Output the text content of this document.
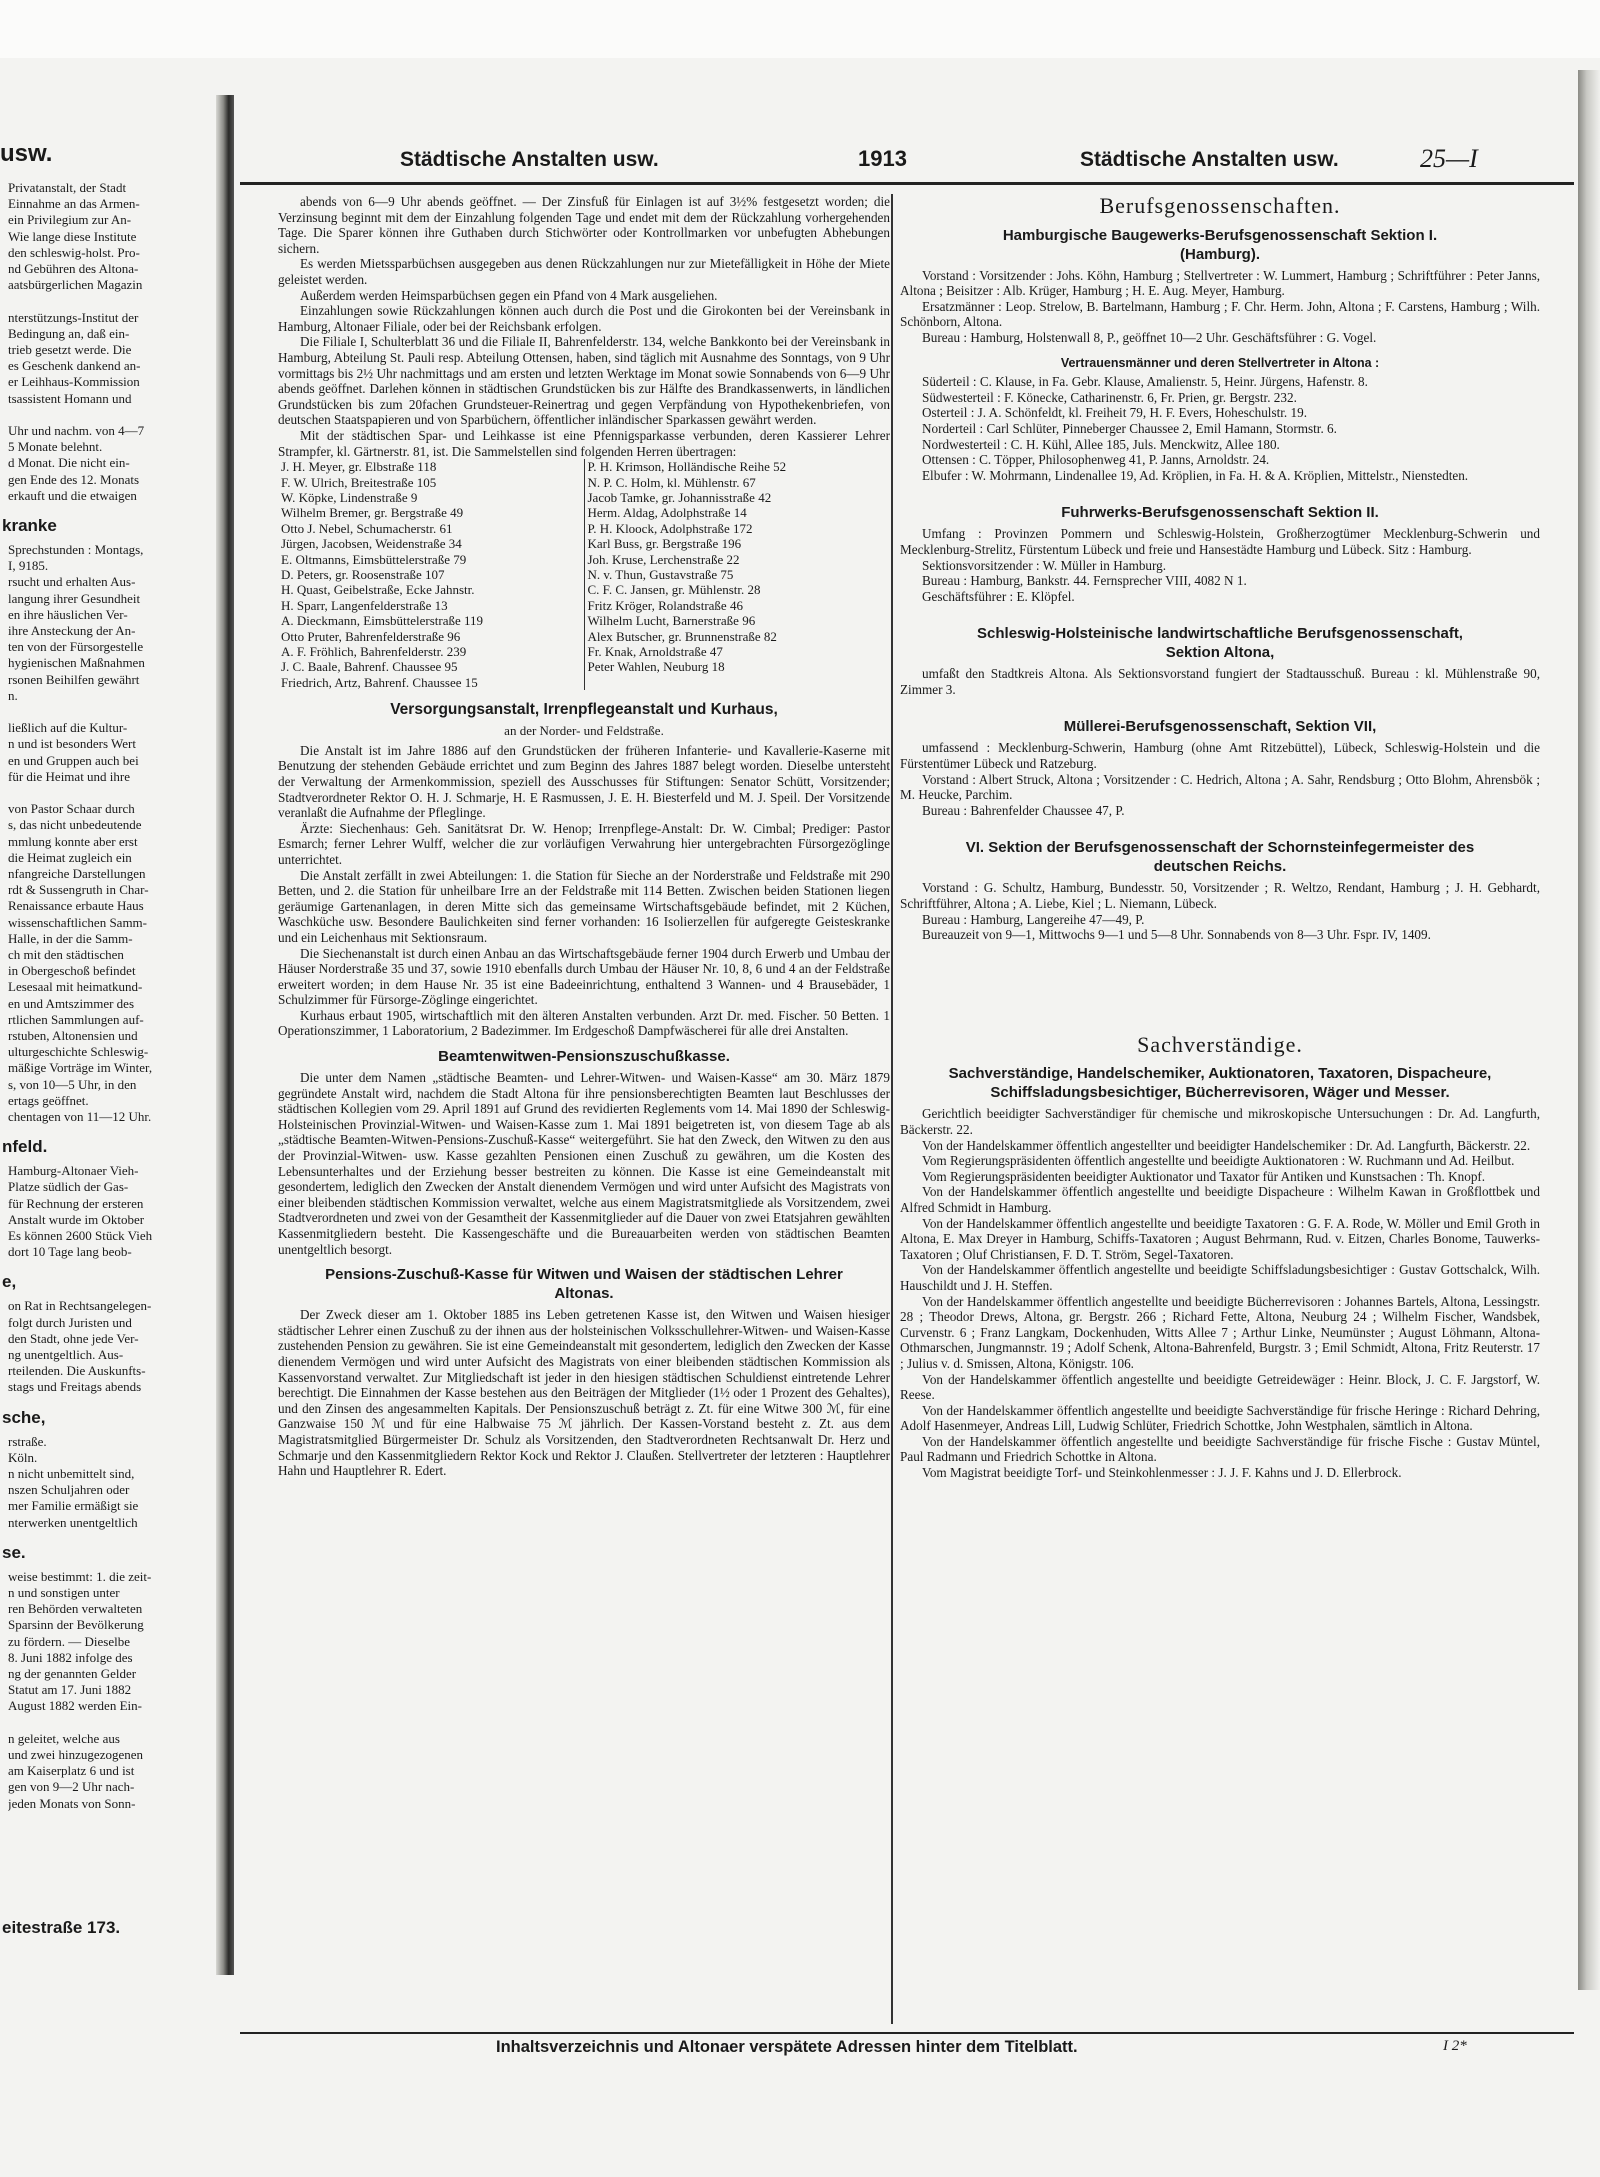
usw.
Privatanstalt, der Stadt
Einnahme an das Armen-
ein Privilegium zur An-
Wie lange diese Institute
den schleswig-holst. Pro-
nd Gebühren des Altona-
aatsbürgerlichen Magazin
nterstützungs-Institut der
Bedingung an, daß ein-
trieb gesetzt werde. Die
es Geschenk dankend an-
er Leihhaus-Kommission
tsassistent Homann und
Uhr und nachm. von 4—7
5 Monate belehnt.
d Monat. Die nicht ein-
gen Ende des 12. Monats
erkauft und die etwaigen
kranke
Sprechstunden : Montags,
I, 9185.
rsucht und erhalten Aus-
langung ihrer Gesundheit
en ihre häuslichen Ver-
ihre Ansteckung der An-
ten von der Fürsorgestelle
hygienischen Maßnahmen
rsonen Beihilfen gewährt
n.
ließlich auf die Kultur-
n und ist besonders Wert
en und Gruppen auch bei
für die Heimat und ihre
von Pastor Schaar durch
s, das nicht unbedeutende
mmlung konnte aber erst
die Heimat zugleich ein
nfangreiche Darstellungen
rdt & Sussengruth in Char-
Renaissance erbaute Haus
wissenschaftlichen Samm-
Halle, in der die Samm-
ch mit den städtischen
in Obergeschoß befindet
Lesesaal mit heimatkund-
en und Amtszimmer des
rtlichen Sammlungen auf-
rstuben, Altonensien und
ulturgeschichte Schleswig-
mäßige Vorträge im Winter,
s, von 10—5 Uhr, in den
ertags geöffnet.
chentagen von 11—12 Uhr.
nfeld.
Hamburg-Altonaer Vieh-
Platze südlich der Gas-
für Rechnung der ersteren
Anstalt wurde im Oktober
Es können 2600 Stück Vieh
dort 10 Tage lang beob-
e,
on Rat in Rechtsangelegen-
folgt durch Juristen und
den Stadt, ohne jede Ver-
ng unentgeltlich. Aus-
rteilenden. Die Auskunfts-
stags und Freitags abends
sche,
rstraße.
Köln.
n nicht unbemittelt sind,
nszen Schuljahren oder
mer Familie ermäßigt sie
nterwerken unentgeltlich
se.
weise bestimmt: 1. die zeit-
n und sonstigen unter
ren Behörden verwalteten
Sparsinn der Bevölkerung
zu fördern. — Dieselbe
8. Juni 1882 infolge des
ng der genannten Gelder
Statut am 17. Juni 1882
August 1882 werden Ein-
n geleitet, welche aus
und zwei hinzugezogenen
am Kaiserplatz 6 und ist
gen von 9—2 Uhr nach-
jeden Monats von Sonn-
eitestraße 173.
Städtische Anstalten usw.	1913	Städtische Anstalten usw.	25—I

abends von 6—9 Uhr abends geöffnet. — Der Zinsfuß für Einlagen ist auf 3½% festgesetzt worden; die Verzinsung beginnt mit dem der Einzahlung folgenden Tage und endet mit dem der Rückzahlung vorhergehenden Tage. Die Sparer können ihre Guthaben durch Stichwörter oder Kontrollmarken vor unbefugten Abhebungen sichern.

Es werden Mietssparbüchsen ausgegeben aus denen Rückzahlungen nur zur Mietefälligkeit in Höhe der Miete geleistet werden.

Außerdem werden Heimsparbüchsen gegen ein Pfand von 4 Mark ausgeliehen.

Einzahlungen sowie Rückzahlungen können auch durch die Post und die Girokonten bei der Vereinsbank in Hamburg, Altonaer Filiale, oder bei der Reichsbank erfolgen.

Die Filiale I, Schulterblatt 36 und die Filiale II, Bahrenfelderstr. 134, welche Bankkonto bei der Vereinsbank in Hamburg, Abteilung St. Pauli resp. Abteilung Ottensen, haben, sind täglich mit Ausnahme des Sonntags, von 9 Uhr vormittags bis 2½ Uhr nachmittags und am ersten und letzten Werktage im Monat sowie Sonnabends von 6—9 Uhr abends geöffnet. Darlehen können in städtischen Grundstücken bis zur Hälfte des Brandkassenwerts, in ländlichen Grundstücken bis zum 20fachen Grundsteuer-Reinertrag und gegen Verpfändung von Hypothekenbriefen, von deutschen Staatspapieren und von Sparbüchern, öffentlicher inländischer Sparkassen gewährt werden.

Mit der städtischen Spar- und Leihkasse ist eine Pfennigsparkasse verbunden, deren Kassierer Lehrer Strampfer, kl. Gärtnerstr. 81, ist. Die Sammelstellen sind folgenden Herren übertragen:

J. H. Meyer, gr. Elbstraße 118	P. H. Krimson, Holländische Reihe 52
F. W. Ulrich, Breitestraße 105	N. P. C. Holm, kl. Mühlenstr. 67
W. Köpke, Lindenstraße 9	Jacob Tamke, gr. Johannisstraße 42
Wilhelm Bremer, gr. Bergstraße 49	Herm. Aldag, Adolphstraße 14
Otto J. Nebel, Schumacherstr. 61	P. H. Kloock, Adolphstraße 172
Jürgen, Jacobsen, Weidenstraße 34	Karl Buss, gr. Bergstraße 196
E. Oltmanns, Eimsbüttelerstraße 79	Joh. Kruse, Lerchenstraße 22
D. Peters, gr. Roosenstraße 107	N. v. Thun, Gustavstraße 75
H. Quast, Geibelstraße, Ecke Jahnstr.	C. F. C. Jansen, gr. Mühlenstr. 28
H. Sparr, Langenfelderstraße 13	Fritz Kröger, Rolandstraße 46
A. Dieckmann, Eimsbüttelerstraße 119	Wilhelm Lucht, Barnerstraße 96
Otto Pruter, Bahrenfelderstraße 96	Alex Butscher, gr. Brunnenstraße 82
A. F. Fröhlich, Bahrenfelderstr. 239	Fr. Knak, Arnoldstraße 47
J. C. Baale, Bahrenf. Chaussee 95	Peter Wahlen, Neuburg 18
Friedrich, Artz, Bahrenf. Chaussee 15	
Versorgungsanstalt, Irrenpflegeanstalt und Kurhaus,
an der Norder- und Feldstraße.

Die Anstalt ist im Jahre 1886 auf den Grundstücken der früheren Infanterie- und Kavallerie-Kaserne mit Benutzung der stehenden Gebäude errichtet und zum Beginn des Jahres 1887 belegt worden. Dieselbe untersteht der Verwaltung der Armenkommission, speziell des Ausschusses für Stiftungen: Senator Schütt, Vorsitzender; Stadtverordneter Rektor O. H. J. Schmarje, H. E Rasmussen, J. E. H. Biesterfeld und M. J. Speil. Der Vorsitzende veranlaßt die Aufnahme der Pfleglinge.

Ärzte: Siechenhaus: Geh. Sanitätsrat Dr. W. Henop; Irrenpflege-Anstalt: Dr. W. Cimbal; Prediger: Pastor Esmarch; ferner Lehrer Wulff, welcher die zur vorläufigen Verwahrung hier untergebrachten Fürsorgezöglinge unterrichtet.

Die Anstalt zerfällt in zwei Abteilungen: 1. die Station für Sieche an der Norderstraße und Feldstraße mit 290 Betten, und 2. die Station für unheilbare Irre an der Feldstraße mit 114 Betten. Zwischen beiden Stationen liegen geräumige Gartenanlagen, in deren Mitte sich das gemeinsame Wirtschaftsgebäude befindet, mit 2 Küchen, Waschküche usw. Besondere Baulichkeiten sind ferner vorhanden: 16 Isolierzellen für aufgeregte Geisteskranke und ein Leichenhaus mit Sektionsraum.

Die Siechenanstalt ist durch einen Anbau an das Wirtschaftsgebäude ferner 1904 durch Erwerb und Umbau der Häuser Norderstraße 35 und 37, sowie 1910 ebenfalls durch Umbau der Häuser Nr. 10, 8, 6 und 4 an der Feldstraße erweitert worden; in dem Hause Nr. 35 ist eine Badeeinrichtung, enthaltend 3 Wannen- und 4 Brausebäder, 1 Schulzimmer für Fürsorge-Zöglinge eingerichtet.

Kurhaus erbaut 1905, wirtschaftlich mit den älteren Anstalten verbunden. Arzt Dr. med. Fischer. 50 Betten. 1 Operationszimmer, 1 Laboratorium, 2 Badezimmer. Im Erdgeschoß Dampfwäscherei für alle drei Anstalten.

Beamtenwitwen-Pensionszuschußkasse.

Die unter dem Namen „städtische Beamten- und Lehrer-Witwen- und Waisen-Kasse“ am 30. März 1879 gegründete Anstalt wird, nachdem die Stadt Altona für ihre pensionsberechtigten Beamten laut Beschlusses der städtischen Kollegien vom 29. April 1891 auf Grund des revidierten Reglements vom 14. Mai 1890 der Schleswig-Holsteinischen Provinzial-Witwen- und Waisen-Kasse zum 1. Mai 1891 beigetreten ist, von diesem Tage ab als „städtische Beamten-Witwen-Pensions-Zuschuß-Kasse“ weitergeführt. Sie hat den Zweck, den Witwen zu den aus der Provinzial-Witwen- usw. Kasse gezahlten Pensionen einen Zuschuß zu gewähren, um die Kosten des Lebensunterhaltes und der Erziehung besser bestreiten zu können. Die Kasse ist eine Gemeindeanstalt mit gesondertem, lediglich den Zwecken der Anstalt dienendem Vermögen und wird unter Aufsicht des Magistrats von einer bleibenden städtischen Kommission verwaltet, welche aus einem Magistratsmitgliede als Vorsitzendem, zwei Stadtverordneten und zwei von der Gesamtheit der Kassenmitglieder auf die Dauer von zwei Etatsjahren gewählten Kassenmitgliedern besteht. Die Kassengeschäfte und die Bureauarbeiten werden von städtischen Beamten unentgeltlich besorgt.

Pensions-Zuschuß-Kasse für Witwen und Waisen der städtischen Lehrer Altonas.

Der Zweck dieser am 1. Oktober 1885 ins Leben getretenen Kasse ist, den Witwen und Waisen hiesiger städtischer Lehrer einen Zuschuß zu der ihnen aus der holsteinischen Volksschullehrer-Witwen- und Waisen-Kasse zustehenden Pension zu gewähren. Sie ist eine Gemeindeanstalt mit gesondertem, lediglich den Zwecken der Kasse dienendem Vermögen und wird unter Aufsicht des Magistrats von einer bleibenden städtischen Kommission als Kassenvorstand verwaltet. Zur Mitgliedschaft ist jeder in den hiesigen städtischen Schuldienst eintretende Lehrer berechtigt. Die Einnahmen der Kasse bestehen aus den Beiträgen der Mitglieder (1½ oder 1 Prozent des Gehaltes), und den Zinsen des angesammelten Kapitals. Der Pensionszuschuß beträgt z. Zt. für eine Witwe 300 ℳ, für eine Ganzwaise 150 ℳ und für eine Halbwaise 75 ℳ jährlich. Der Kassen-Vorstand besteht z. Zt. aus dem Magistratsmitglied Bürgermeister Dr. Schulz als Vorsitzenden, den Stadtverordneten Rechtsanwalt Dr. Herz und Schmarje und den Kassenmitgliedern Rektor Kock und Rektor J. Claußen. Stellvertreter der letzteren : Hauptlehrer Hahn und Hauptlehrer R. Edert.

Berufsgenossenschaften.
Hamburgische Baugewerks-Berufsgenossenschaft Sektion I. (Hamburg).

Vorstand : Vorsitzender : Johs. Köhn, Hamburg ; Stellvertreter : W. Lummert, Hamburg ; Schriftführer : Peter Janns, Altona ; Beisitzer : Alb. Krüger, Hamburg ; H. E. Aug. Meyer, Hamburg.

Ersatzmänner : Leop. Strelow, B. Bartelmann, Hamburg ; F. Chr. Herm. John, Altona ; F. Carstens, Hamburg ; Wilh. Schönborn, Altona.

Bureau : Hamburg, Holstenwall 8, P., geöffnet 10—2 Uhr. Geschäftsführer : G. Vogel.

Vertrauensmänner und deren Stellvertreter in Altona :

Süderteil : C. Klause, in Fa. Gebr. Klause, Amalienstr. 5, Heinr. Jürgens, Hafenstr. 8.

Südwesterteil : F. Könecke, Catharinenstr. 6, Fr. Prien, gr. Bergstr. 232.

Osterteil : J. A. Schönfeldt, kl. Freiheit 79, H. F. Evers, Hoheschulstr. 19.

Norderteil : Carl Schlüter, Pinneberger Chaussee 2, Emil Hamann, Stormstr. 6.

Nordwesterteil : C. H. Kühl, Allee 185, Juls. Menckwitz, Allee 180.

Ottensen : C. Töpper, Philosophenweg 41, P. Janns, Arnoldstr. 24.

Elbufer : W. Mohrmann, Lindenallee 19, Ad. Kröplien, in Fa. H. & A. Kröplien, Mittelstr., Nienstedten.

Fuhrwerks-Berufsgenossenschaft Sektion II.

Umfang : Provinzen Pommern und Schleswig-Holstein, Großherzogtümer Mecklenburg-Schwerin und Mecklenburg-Strelitz, Fürstentum Lübeck und freie und Hansestädte Hamburg und Lübeck. Sitz : Hamburg.

Sektionsvorsitzender : W. Müller in Hamburg.

Bureau : Hamburg, Bankstr. 44. Fernsprecher VIII, 4082 N 1.

Geschäftsführer : E. Klöpfel.

Schleswig-Holsteinische landwirtschaftliche Berufsgenossenschaft, Sektion Altona,

umfaßt den Stadtkreis Altona. Als Sektionsvorstand fungiert der Stadtausschuß. Bureau : kl. Mühlenstraße 90, Zimmer 3.

Müllerei-Berufsgenossenschaft, Sektion VII,

umfassend : Mecklenburg-Schwerin, Hamburg (ohne Amt Ritzebüttel), Lübeck, Schleswig-Holstein und die Fürstentümer Lübeck und Ratzeburg.

Vorstand : Albert Struck, Altona ; Vorsitzender : C. Hedrich, Altona ; A. Sahr, Rendsburg ; Otto Blohm, Ahrensbök ; M. Heucke, Parchim.

Bureau : Bahrenfelder Chaussee 47, P.

VI. Sektion der Berufsgenossenschaft der Schornsteinfegermeister des deutschen Reichs.

Vorstand : G. Schultz, Hamburg, Bundesstr. 50, Vorsitzender ; R. Weltzo, Rendant, Hamburg ; J. H. Gebhardt, Schriftführer, Altona ; A. Liebe, Kiel ; L. Niemann, Lübeck.

Bureau : Hamburg, Langereihe 47—49, P.

Bureauzeit von 9—1, Mittwochs 9—1 und 5—8 Uhr. Sonnabends von 8—3 Uhr. Fspr. IV, 1409.

Sachverständige.
Sachverständige, Handelschemiker, Auktionatoren, Taxatoren, Dispacheure, Schiffsladungsbesichtiger, Bücherrevisoren, Wäger und Messer.

Gerichtlich beeidigter Sachverständiger für chemische und mikroskopische Untersuchungen : Dr. Ad. Langfurth, Bäckerstr. 22.

Von der Handelskammer öffentlich angestellter und beeidigter Handelschemiker : Dr. Ad. Langfurth, Bäckerstr. 22.

Vom Regierungspräsidenten öffentlich angestellte und beeidigte Auktionatoren : W. Ruchmann und Ad. Heilbut.

Vom Regierungspräsidenten beeidigter Auktionator und Taxator für Antiken und Kunstsachen : Th. Knopf.

Von der Handelskammer öffentlich angestellte und beeidigte Dispacheure : Wilhelm Kawan in Großflottbek und Alfred Schmidt in Hamburg.

Von der Handelskammer öffentlich angestellte und beeidigte Taxatoren : G. F. A. Rode, W. Möller und Emil Groth in Altona, E. Max Dreyer in Hamburg, Schiffs-Taxatoren ; August Behrmann, Rud. v. Eitzen, Charles Bonome, Tauwerks-Taxatoren ; Oluf Christiansen, F. D. T. Ström, Segel-Taxatoren.

Von der Handelskammer öffentlich angestellte und beeidigte Schiffsladungsbesichtiger : Gustav Gottschalck, Wilh. Hauschildt und J. H. Steffen.

Von der Handelskammer öffentlich angestellte und beeidigte Bücherrevisoren : Johannes Bartels, Altona, Lessingstr. 28 ; Theodor Drews, Altona, gr. Bergstr. 266 ; Richard Fette, Altona, Neuburg 24 ; Wilhelm Fischer, Wandsbek, Curvenstr. 6 ; Franz Langkam, Dockenhuden, Witts Allee 7 ; Arthur Linke, Neumünster ; August Löhmann, Altona-Othmarschen, Jungmannstr. 19 ; Adolf Schenk, Altona-Bahrenfeld, Burgstr. 3 ; Emil Schmidt, Altona, Fritz Reuterstr. 17 ; Julius v. d. Smissen, Altona, Königstr. 106.

Von der Handelskammer öffentlich angestellte und beeidigte Getreidewäger : Heinr. Block, J. C. F. Jargstorf, W. Reese.

Von der Handelskammer öffentlich angestellte und beeidigte Sachverständige für frische Heringe : Richard Dehring, Adolf Hasenmeyer, Andreas Lill, Ludwig Schlüter, Friedrich Schottke, John Westphalen, sämtlich in Altona.

Von der Handelskammer öffentlich angestellte und beeidigte Sachverständige für frische Fische : Gustav Müntel, Paul Radmann und Friedrich Schottke in Altona.

Vom Magistrat beeidigte Torf- und Steinkohlenmesser : J. J. F. Kahns und J. D. Ellerbrock.

Inhaltsverzeichnis und Altonaer verspätete Adressen hinter dem Titelblatt.	I 2*
